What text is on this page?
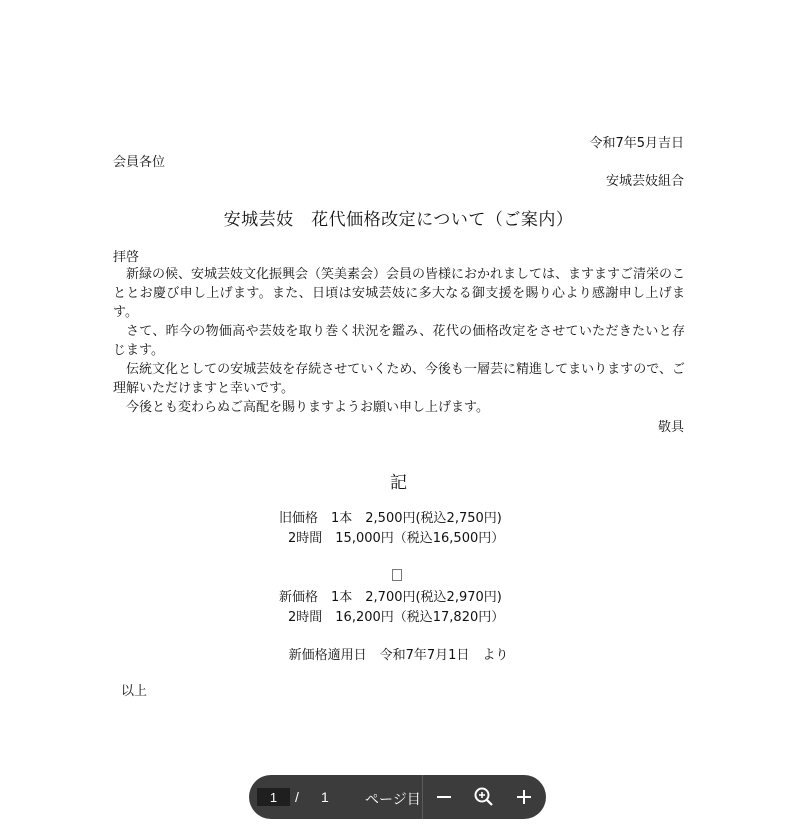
令和7年5月吉日
会員各位
安城芸妓組合
安城芸妓　花代価格改定について（ご案内）
拝啓

新緑の候、安城芸妓文化振興会（笑美素会）会員の皆様におかれましては、ますますご清栄のこととお慶び申し上げます。また、日頃は安城芸妓に多大なる御支援を賜り心より感謝申し上げます。

さて、昨今の物価高や芸妓を取り巻く状況を鑑み、花代の価格改定をさせていただきたいと存じます。

伝統文化としての安城芸妓を存続させていくため、今後も一層芸に精進してまいりますので、ご理解いただけますと幸いです。

今後とも変わらぬご高配を賜りますようお願い申し上げます。

敬具
記
旧価格　1本　2,500円(税込2,750円)
2時間　15,000円（税込16,500円）
新価格　1本　2,700円(税込2,970円)
2時間　16,200円（税込17,820円）
新価格適用日　令和7年7月1日　より
以上
1
/ 1	ページ目
